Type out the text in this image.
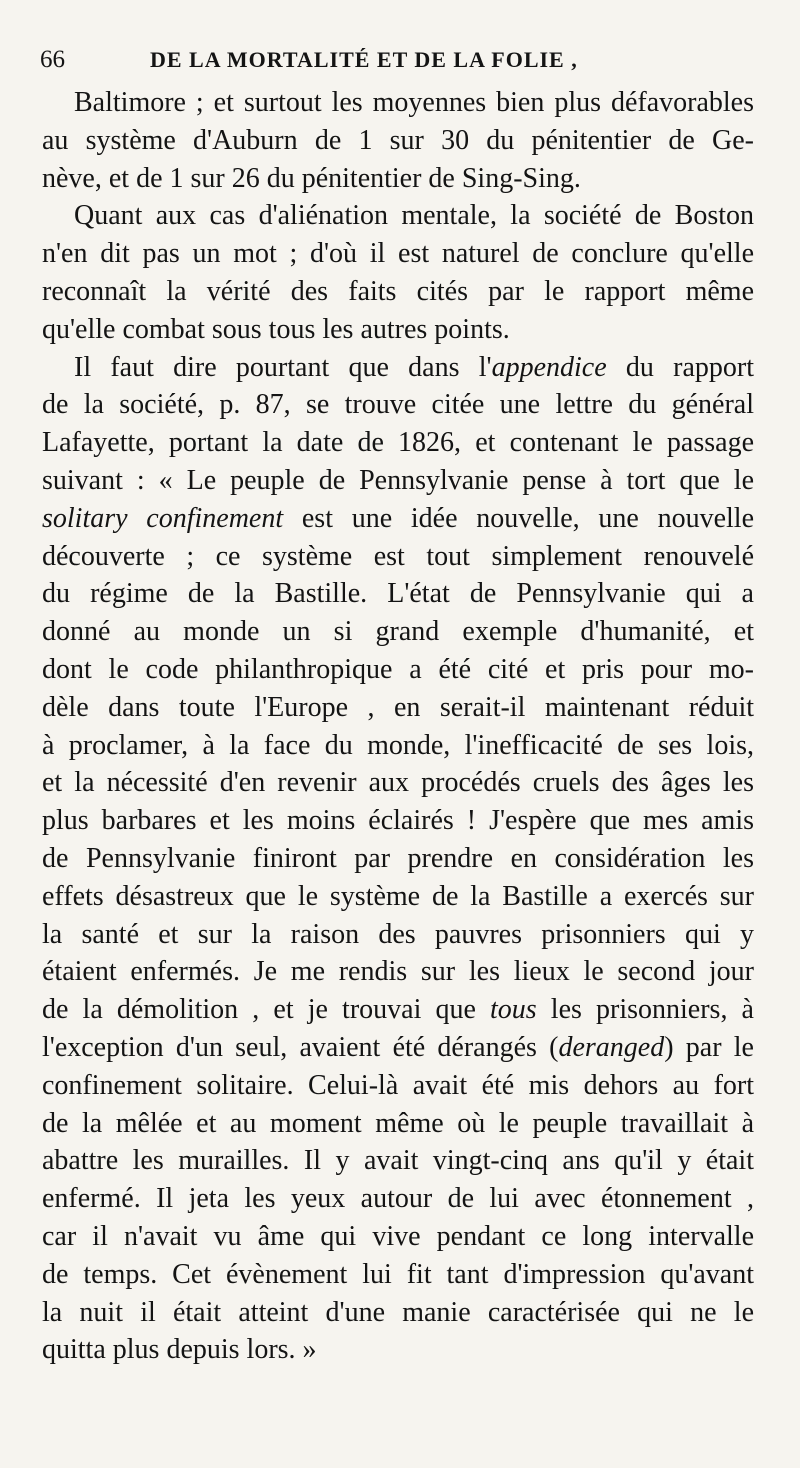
66	DE LA MORTALITÉ ET DE LA FOLIE ,
Baltimore ; et surtout les moyennes bien plus défavorables
au système d'Auburn de 1 sur 30 du pénitentier de Ge-
nève, et de 1 sur 26 du pénitentier de Sing-Sing.
Quant aux cas d'aliénation mentale, la société de Boston
n'en dit pas un mot ; d'où il est naturel de conclure qu'elle
reconnaît la vérité des faits cités par le rapport même
qu'elle combat sous tous les autres points.
Il faut dire pourtant que dans l'appendice du rapport
de la société, p. 87, se trouve citée une lettre du général
Lafayette, portant la date de 1826, et contenant le passage
suivant : « Le peuple de Pennsylvanie pense à tort que le
solitary confinement est une idée nouvelle, une nouvelle
découverte ; ce système est tout simplement renouvelé
du régime de la Bastille. L'état de Pennsylvanie qui a
donné au monde un si grand exemple d'humanité, et
dont le code philanthropique a été cité et pris pour mo-
dèle dans toute l'Europe , en serait-il maintenant réduit
à proclamer, à la face du monde, l'inefficacité de ses lois,
et la nécessité d'en revenir aux procédés cruels des âges les
plus barbares et les moins éclairés ! J'espère que mes amis
de Pennsylvanie finiront par prendre en considération les
effets désastreux que le système de la Bastille a exercés sur
la santé et sur la raison des pauvres prisonniers qui y
étaient enfermés. Je me rendis sur les lieux le second jour
de la démolition , et je trouvai que tous les prisonniers, à
l'exception d'un seul, avaient été dérangés (deranged) par le
confinement solitaire. Celui-là avait été mis dehors au fort
de la mêlée et au moment même où le peuple travaillait à
abattre les murailles. Il y avait vingt-cinq ans qu'il y était
enfermé. Il jeta les yeux autour de lui avec étonnement ,
car il n'avait vu âme qui vive pendant ce long intervalle
de temps. Cet évènement lui fit tant d'impression qu'avant
la nuit il était atteint d'une manie caractérisée qui ne le
quitta plus depuis lors. »
